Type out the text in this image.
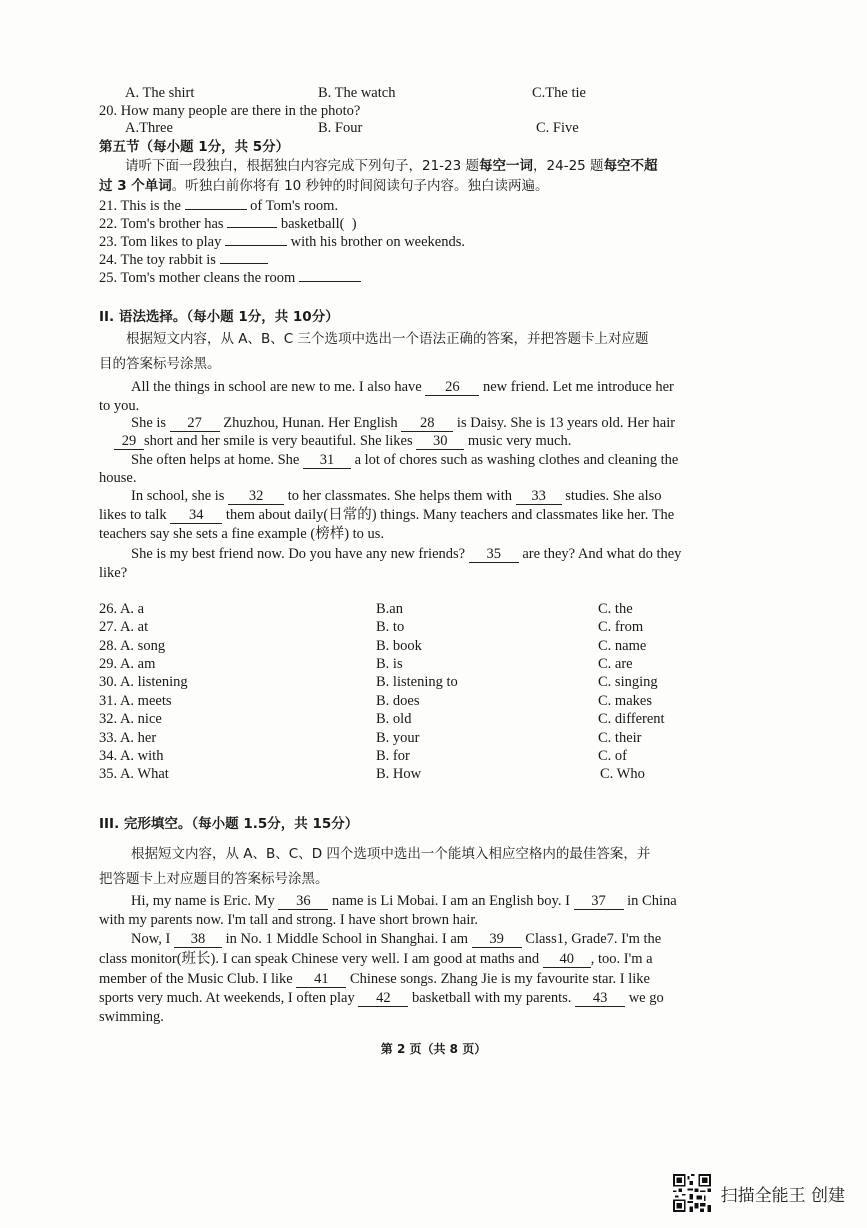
A. The shirt	B. The watch	C.The tie
20. How many people are there in the photo?
A.Three	B. Four	C. Five
第五节（每小题 1分，共 5分）
请听下面一段独白，根据独白内容完成下列句子，21-23 题每空一词，24-25 题每空不超
过 3 个单词。听独白前你将有 10 秒钟的时间阅读句子内容。独白读两遍。
21. This is the	of Tom's room.
22. Tom's brother has	basketball(  )
23. Tom likes to play	with his brother on weekends.
24. The toy rabbit is
25. Tom's mother cleans the room
II. 语法选择。（每小题 1分，共 10分）
根据短文内容，从 A、B、C 三个选项中选出一个语法正确的答案，并把答题卡上对应题
目的答案标号涂黑。
All the things in school are new to me. I also have 26 new friend. Let me introduce her
to you.
She is 27 Zhuzhou, Hunan. Her English 28 is Daisy. She is 13 years old. Her hair
29 short and her smile is very beautiful. She likes 30 music very much.
She often helps at home. She 31 a lot of chores such as washing clothes and cleaning the
house.
In school, she is 32 to her classmates. She helps them with 33 studies. She also
likes to talk 34 them about daily(日常的) things. Many teachers and classmates like her. The
teachers say she sets a fine example (榜样) to us.
She is my best friend now. Do you have any new friends? 35 are they? And what do they
like?
26. A. a	B.an	C. the
27. A. at	B. to	C. from
28. A. song	B. book	C. name
29. A. am	B. is	C. are
30. A. listening	B. listening to	C. singing
31. A. meets	B. does	C. makes
32. A. nice	B. old	C. different
33. A. her	B. your	C. their
34. A. with	B. for	C. of
35. A. What	B. How	C. Who
III. 完形填空。（每小题 1.5分，共 15分）
根据短文内容，从 A、B、C、D 四个选项中选出一个能填入相应空格内的最佳答案，并
把答题卡上对应题目的答案标号涂黑。
Hi, my name is Eric. My 36 name is Li Mobai. I am an English boy. I 37 in China
with my parents now. I'm tall and strong. I have short brown hair.
Now, I 38 in No. 1 Middle School in Shanghai. I am 39 Class1, Grade7. I'm the
class monitor(班长). I can speak Chinese very well. I am good at maths and 40 , too. I'm a
member of the Music Club. I like 41 Chinese songs. Zhang Jie is my favourite star. I like
sports very much. At weekends, I often play 42 basketball with my parents. 43 we go
swimming.
第 2 页（共 8 页）
扫描全能王 创建
